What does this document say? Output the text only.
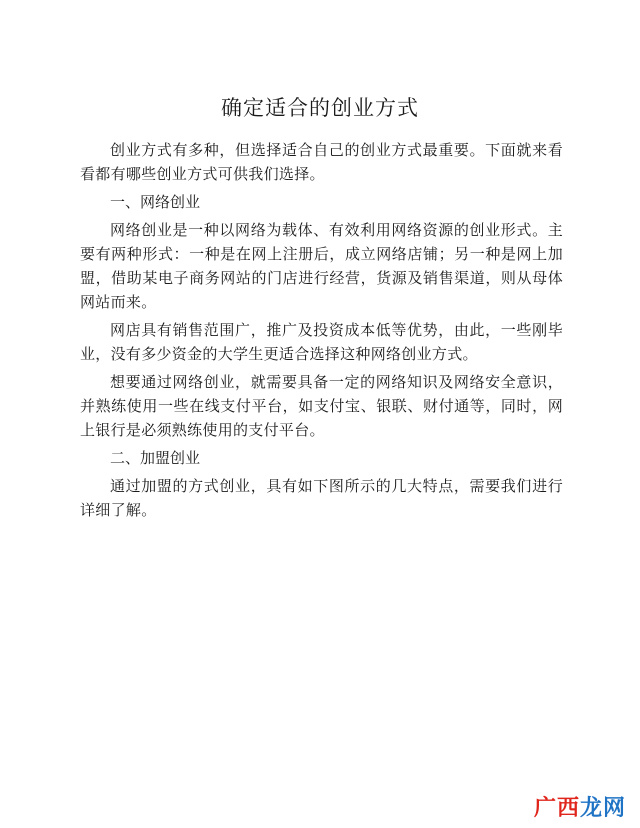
确定适合的创业方式

创业方式有多种，但选择适合自己的创业方式最重要。下面就来看看都有哪些创业方式可供我们选择。

一、网络创业

网络创业是一种以网络为载体、有效利用网络资源的创业形式。主要有两种形式：一种是在网上注册后，成立网络店铺；另一种是网上加盟，借助某电子商务网站的门店进行经营，货源及销售渠道，则从母体网站而来。

网店具有销售范围广，推广及投资成本低等优势，由此，一些刚毕业，没有多少资金的大学生更适合选择这种网络创业方式。

想要通过网络创业，就需要具备一定的网络知识及网络安全意识，并熟练使用一些在线支付平台，如支付宝、银联、财付通等，同时，网上银行是必须熟练使用的支付平台。

二、加盟创业

通过加盟的方式创业，具有如下图所示的几大特点，需要我们进行详细了解。

广西龙网
